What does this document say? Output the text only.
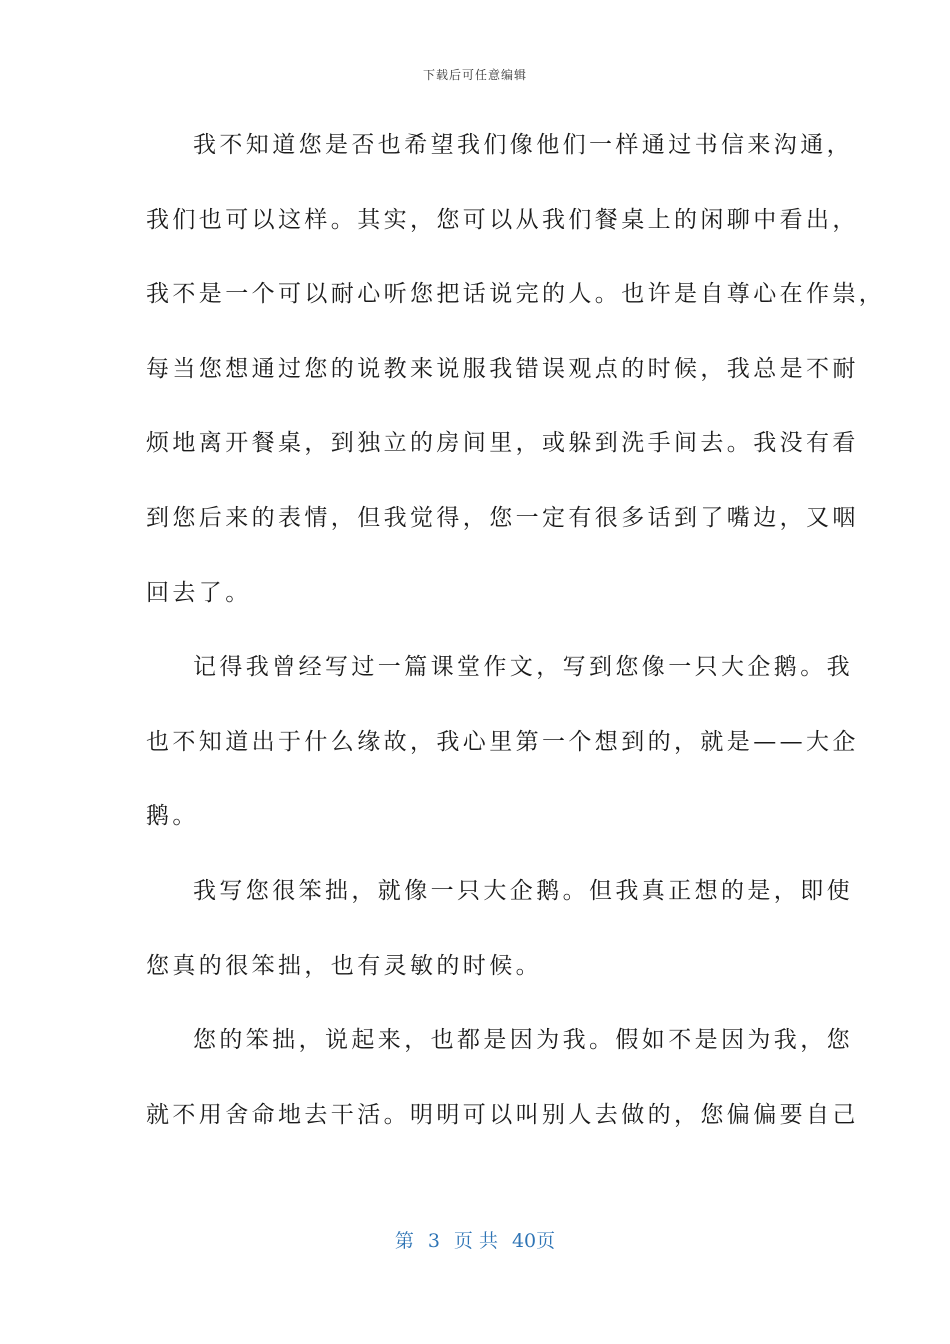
下载后可任意编辑
我不知道您是否也希望我们像他们一样通过书信来沟通，
我们也可以这样。其实，您可以从我们餐桌上的闲聊中看出，
我不是一个可以耐心听您把话说完的人。也许是自尊心在作祟，
每当您想通过您的说教来说服我错误观点的时候，我总是不耐
烦地离开餐桌，到独立的房间里，或躲到洗手间去。我没有看
到您后来的表情，但我觉得，您一定有很多话到了嘴边，又咽
回去了。
记得我曾经写过一篇课堂作文，写到您像一只大企鹅。我
也不知道出于什么缘故，我心里第一个想到的，就是——大企
鹅。
我写您很笨拙，就像一只大企鹅。但我真正想的是，即使
您真的很笨拙，也有灵敏的时候。
您的笨拙，说起来，也都是因为我。假如不是因为我，您
就不用舍命地去干活。明明可以叫别人去做的，您偏偏要自己
第 3 页 共 40页
